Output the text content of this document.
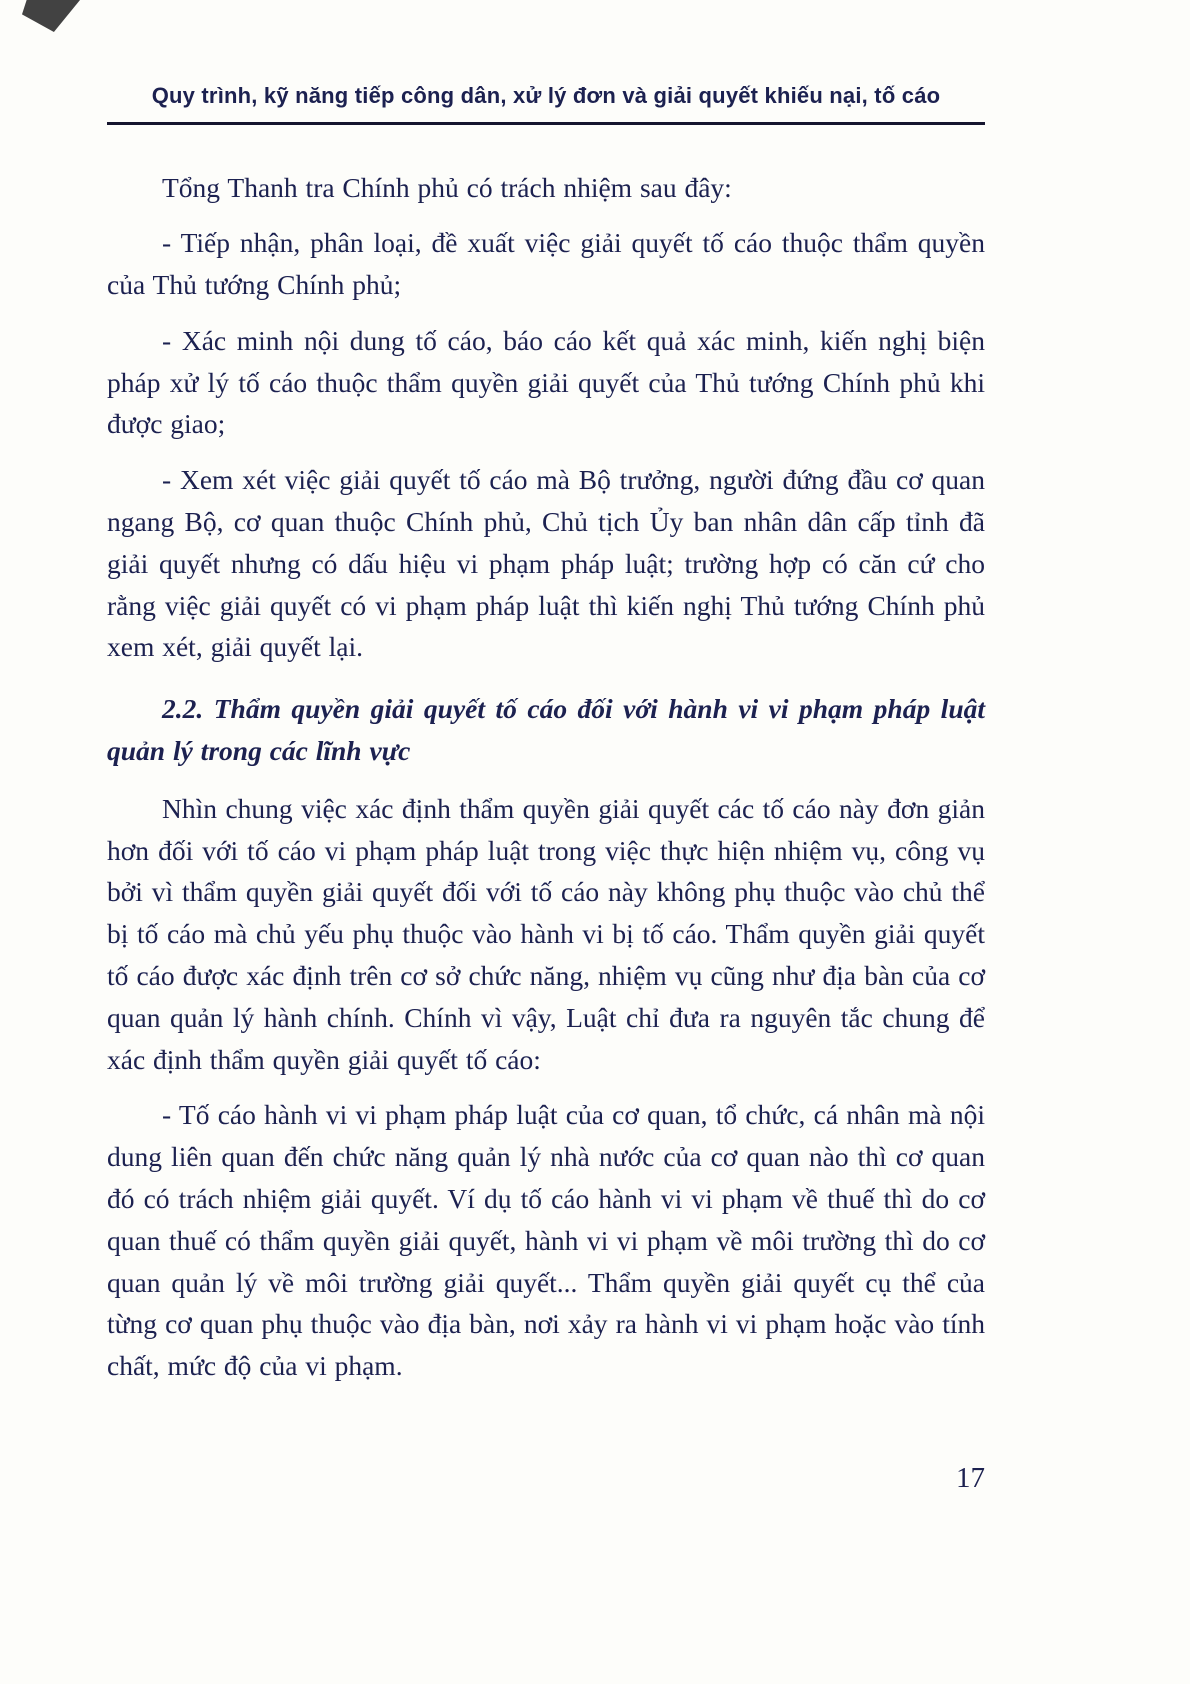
Quy trình, kỹ năng tiếp công dân, xử lý đơn và giải quyết khiếu nại, tố cáo

Tổng Thanh tra Chính phủ có trách nhiệm sau đây:

- Tiếp nhận, phân loại, đề xuất việc giải quyết tố cáo thuộc thẩm quyền của Thủ tướng Chính phủ;

- Xác minh nội dung tố cáo, báo cáo kết quả xác minh, kiến nghị biện pháp xử lý tố cáo thuộc thẩm quyền giải quyết của Thủ tướng Chính phủ khi được giao;

- Xem xét việc giải quyết tố cáo mà Bộ trưởng, người đứng đầu cơ quan ngang Bộ, cơ quan thuộc Chính phủ, Chủ tịch Ủy ban nhân dân cấp tỉnh đã giải quyết nhưng có dấu hiệu vi phạm pháp luật; trường hợp có căn cứ cho rằng việc giải quyết có vi phạm pháp luật thì kiến nghị Thủ tướng Chính phủ xem xét, giải quyết lại.

2.2. Thẩm quyền giải quyết tố cáo đối với hành vi vi phạm pháp luật quản lý trong các lĩnh vực

Nhìn chung việc xác định thẩm quyền giải quyết các tố cáo này đơn giản hơn đối với tố cáo vi phạm pháp luật trong việc thực hiện nhiệm vụ, công vụ bởi vì thẩm quyền giải quyết đối với tố cáo này không phụ thuộc vào chủ thể bị tố cáo mà chủ yếu phụ thuộc vào hành vi bị tố cáo. Thẩm quyền giải quyết tố cáo được xác định trên cơ sở chức năng, nhiệm vụ cũng như địa bàn của cơ quan quản lý hành chính. Chính vì vậy, Luật chỉ đưa ra nguyên tắc chung để xác định thẩm quyền giải quyết tố cáo:

- Tố cáo hành vi vi phạm pháp luật của cơ quan, tổ chức, cá nhân mà nội dung liên quan đến chức năng quản lý nhà nước của cơ quan nào thì cơ quan đó có trách nhiệm giải quyết. Ví dụ tố cáo hành vi vi phạm về thuế thì do cơ quan thuế có thẩm quyền giải quyết, hành vi vi phạm về môi trường thì do cơ quan quản lý về môi trường giải quyết... Thẩm quyền giải quyết cụ thể của từng cơ quan phụ thuộc vào địa bàn, nơi xảy ra hành vi vi phạm hoặc vào tính chất, mức độ của vi phạm.

17
